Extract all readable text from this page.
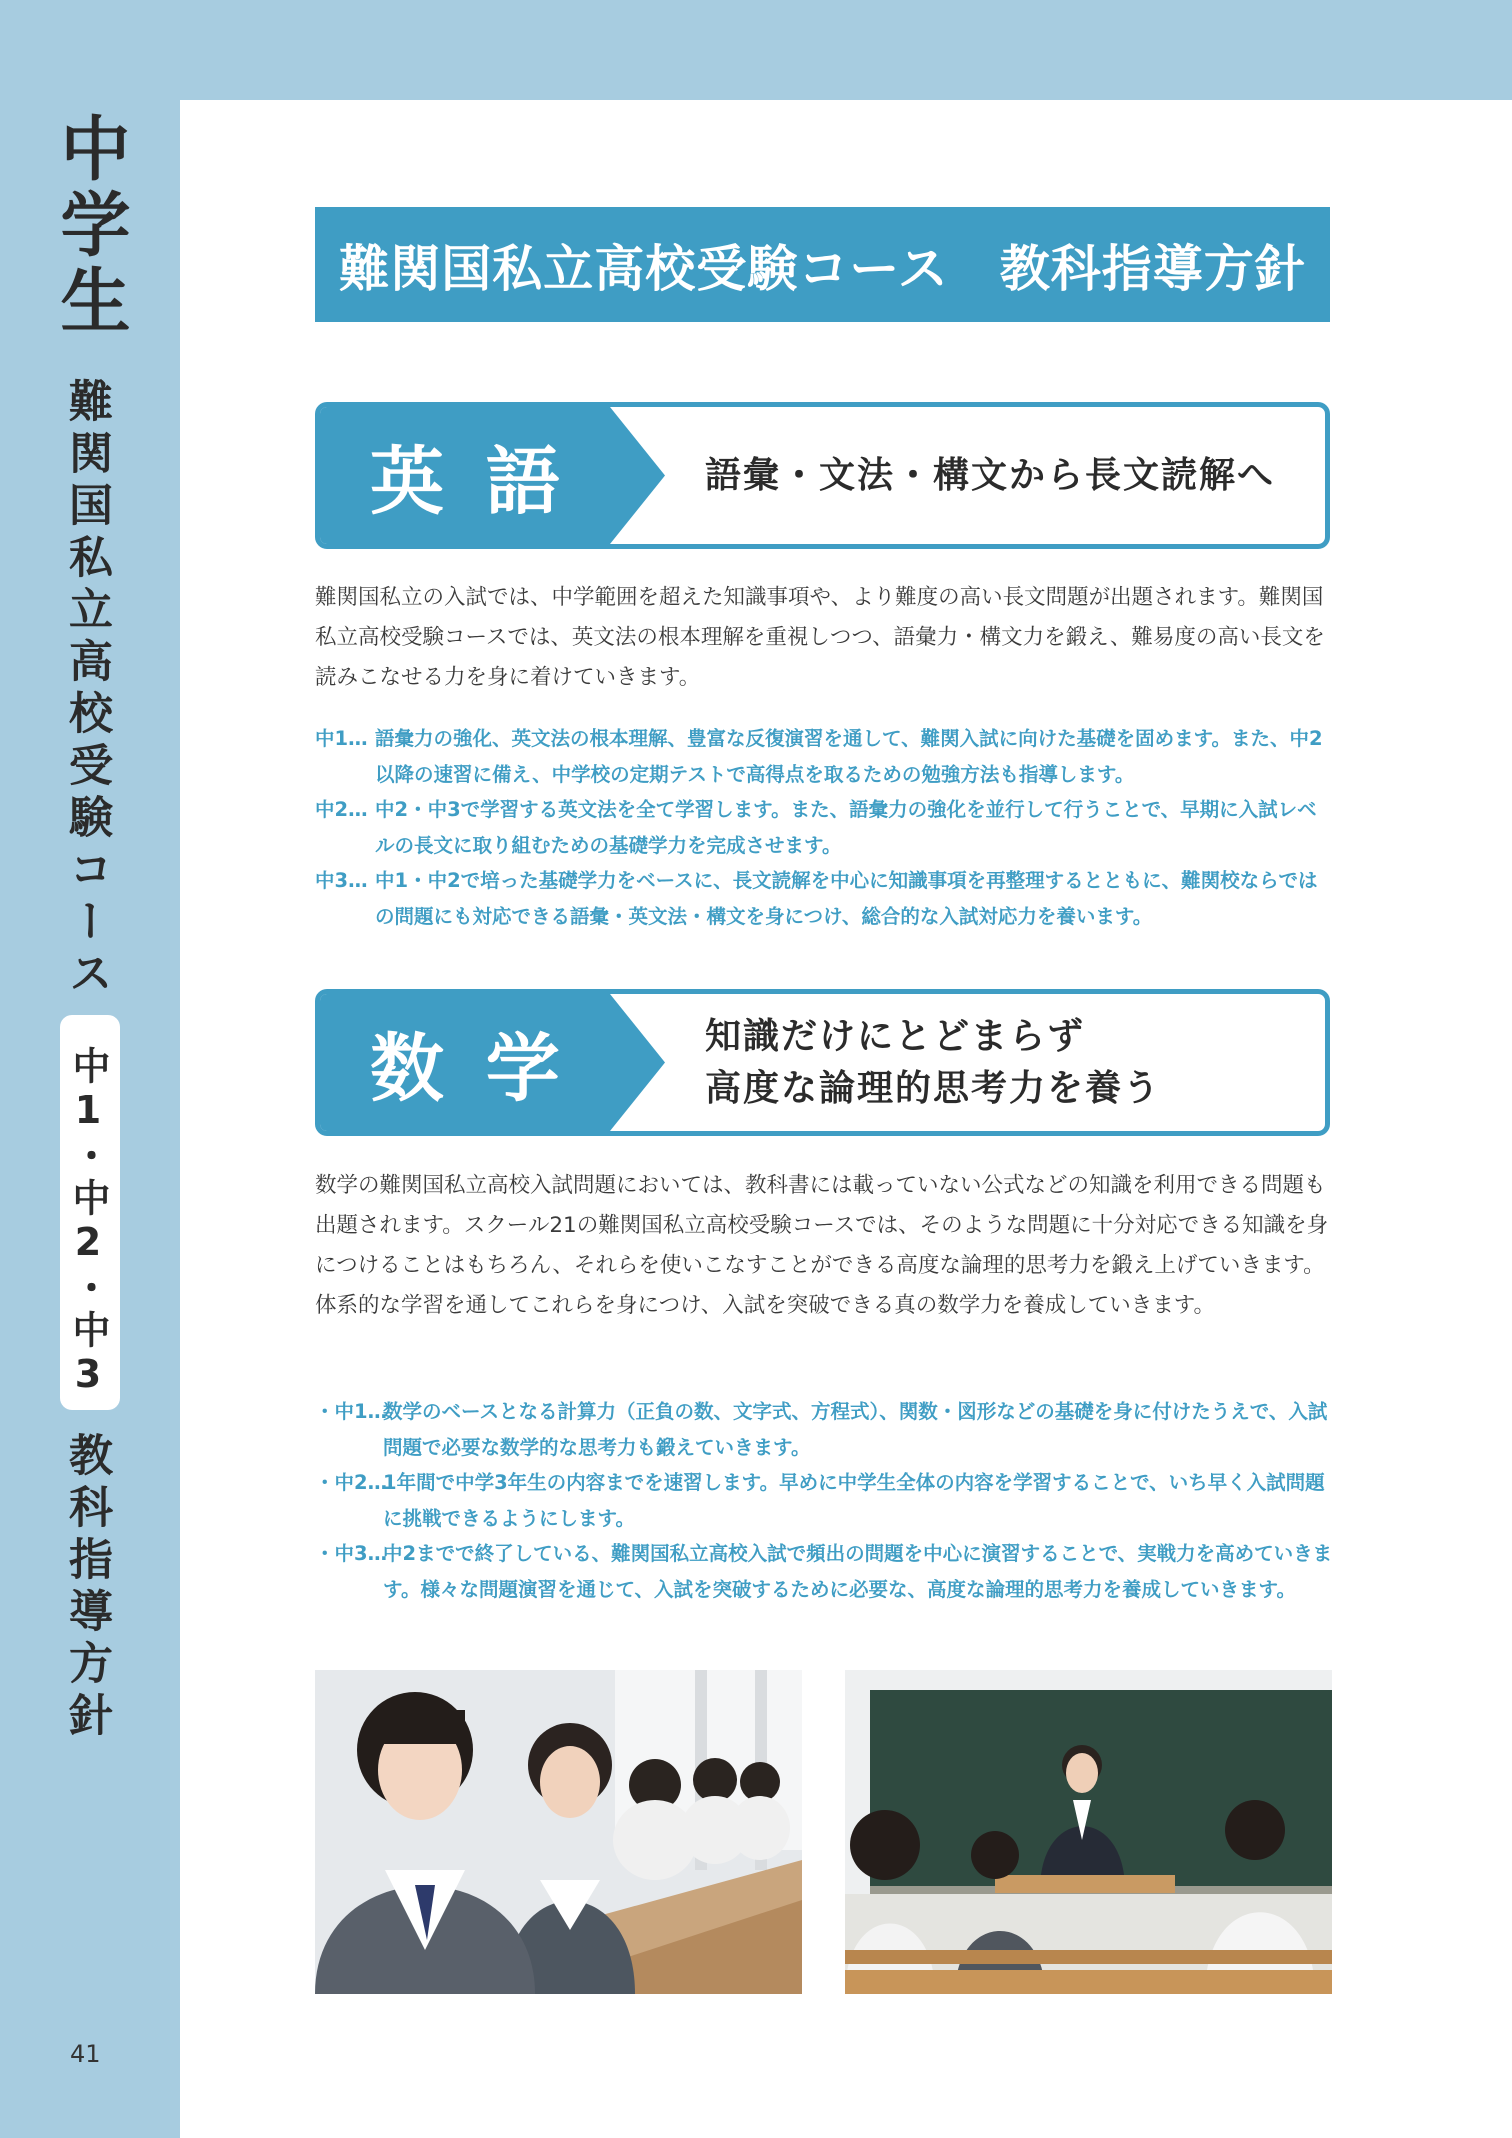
中学生
難関国私立高校受験コース
中1・中2・中3
教科指導方針
41
難関国私立高校受験コース　教科指導方針
英 語	語彙・文法・構文から長文読解へ

難関国私立の入試では、中学範囲を超えた知識事項や、より難度の高い長文問題が出題されます。難関国私立高校受験コースでは、英文法の根本理解を重視しつつ、語彙力・構文力を鍛え、難易度の高い長文を読みこなせる力を身に着けていきます。

中1… 語彙力の強化、英文法の根本理解、豊富な反復演習を通して、難関入試に向けた基礎を固めます。また、中2以降の速習に備え、中学校の定期テストで高得点を取るための勉強方法も指導します。
中2… 中2・中3で学習する英文法を全て学習します。また、語彙力の強化を並行して行うことで、早期に入試レベルの長文に取り組むための基礎学力を完成させます。
中3… 中1・中2で培った基礎学力をベースに、長文読解を中心に知識事項を再整理するとともに、難関校ならではの問題にも対応できる語彙・英文法・構文を身につけ、総合的な入試対応力を養います。
数 学	知識だけにとどまらず
高度な論理的思考力を養う

数学の難関国私立高校入試問題においては、教科書には載っていない公式などの知識を利用できる問題も出題されます。スクール21の難関国私立高校受験コースでは、そのような問題に十分対応できる知識を身につけることはもちろん、それらを使いこなすことができる高度な論理的思考力を鍛え上げていきます。体系的な学習を通してこれらを身につけ、入試を突破できる真の数学力を養成していきます。

・中1…
数学のベースとなる計算力（正負の数、文字式、方程式）、関数・図形などの基礎を身に付けたうえで、入試問題で必要な数学的な思考力も鍛えていきます。
・中2…
1年間で中学3年生の内容までを速習します。早めに中学生全体の内容を学習することで、いち早く入試問題に挑戦できるようにします。
・中3…
中2までで終了している、難関国私立高校入試で頻出の問題を中心に演習することで、実戦力を高めていきます。様々な問題演習を通じて、入試を突破するために必要な、高度な論理的思考力を養成していきます。
